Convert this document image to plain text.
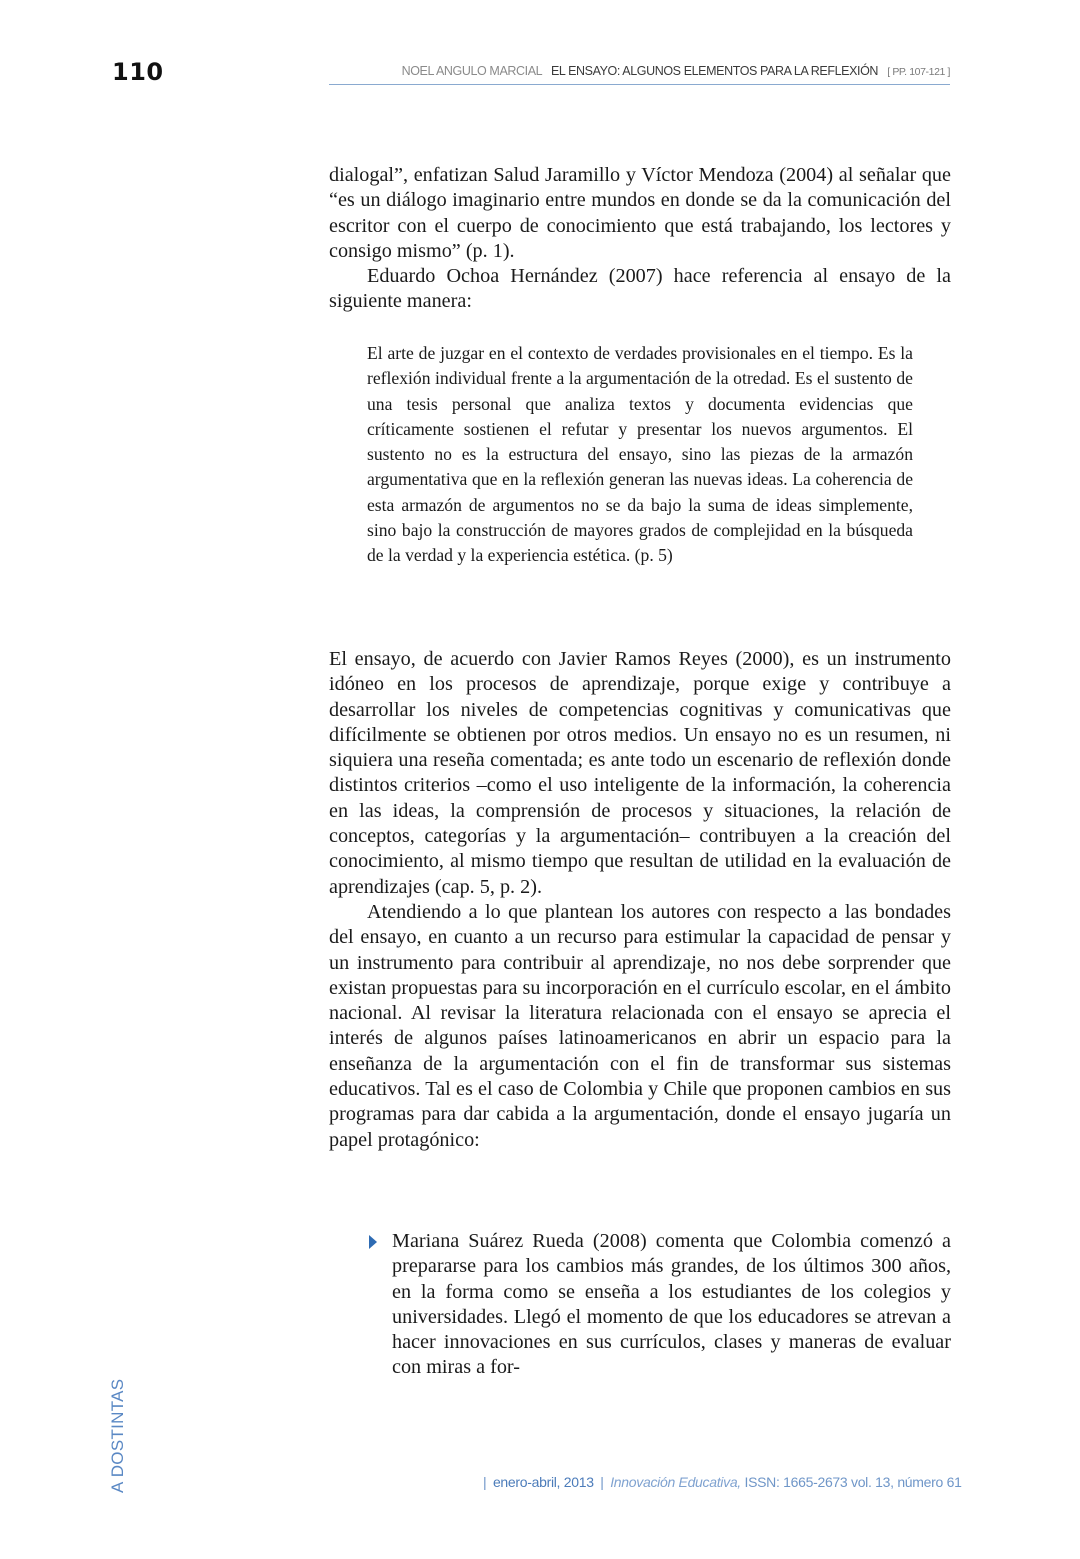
110	NOEL ANGULO MARCIAL EL ENSAYO: ALGUNOS ELEMENTOS PARA LA REFLEXIÓN [ PP. 107-121 ]

dialogal”, enfatizan Salud Jaramillo y Víctor Mendoza (2004) al señalar que “es un diálogo imaginario entre mundos en donde se da la comunicación del escritor con el cuerpo de conocimiento que está trabajando, los lectores y consigo mismo” (p. 1).

Eduardo Ochoa Hernández (2007) hace referencia al ensayo de la siguiente manera:

El arte de juzgar en el contexto de verdades provisionales en el tiempo. Es la reflexión individual frente a la argumentación de la otredad. Es el sustento de una tesis personal que analiza textos y documenta evidencias que críticamente sostienen el refutar y presentar los nuevos argumentos. El sustento no es la estructura del ensayo, sino las piezas de la armazón argumentativa que en la reflexión generan las nuevas ideas. La coherencia de esta armazón de argumentos no se da bajo la suma de ideas simplemente, sino bajo la construcción de mayores grados de complejidad en la búsqueda de la verdad y la experiencia estética. (p. 5)

El ensayo, de acuerdo con Javier Ramos Reyes (2000), es un instrumento idóneo en los procesos de aprendizaje, porque exige y contribuye a desarrollar los niveles de competencias cognitivas y comunicativas que difícilmente se obtienen por otros medios. Un ensayo no es un resumen, ni siquiera una reseña comentada; es ante todo un escenario de reflexión donde distintos criterios –como el uso inteligente de la información, la coherencia en las ideas, la comprensión de procesos y situaciones, la relación de conceptos, categorías y la argumentación– contribuyen a la creación del conocimiento, al mismo tiempo que resultan de utilidad en la evaluación de aprendizajes (cap. 5, p. 2).

Atendiendo a lo que plantean los autores con respecto a las bondades del ensayo, en cuanto a un recurso para estimular la capacidad de pensar y un instrumento para contribuir al aprendizaje, no nos debe sorprender que existan propuestas para su incorporación en el currículo escolar, en el ámbito nacional. Al revisar la literatura relacionada con el ensayo se aprecia el interés de algunos países latinoamericanos en abrir un espacio para la enseñanza de la argumentación con el fin de transformar sus sistemas educativos. Tal es el caso de Colombia y Chile que proponen cambios en sus programas para dar cabida a la argumentación, donde el ensayo jugaría un papel protagónico:

Mariana Suárez Rueda (2008) comenta que Colombia comenzó a prepararse para los cambios más grandes, de los últimos 300 años, en la forma como se enseña a los estudiantes de los colegios y universidades. Llegó el momento de que los educadores se atrevan a hacer innovaciones en sus currículos, clases y maneras de evaluar con miras a for-
A DOSTINTAS	| enero-abril, 2013 | Innovación Educativa, ISSN: 1665-2673 vol. 13, número 61
